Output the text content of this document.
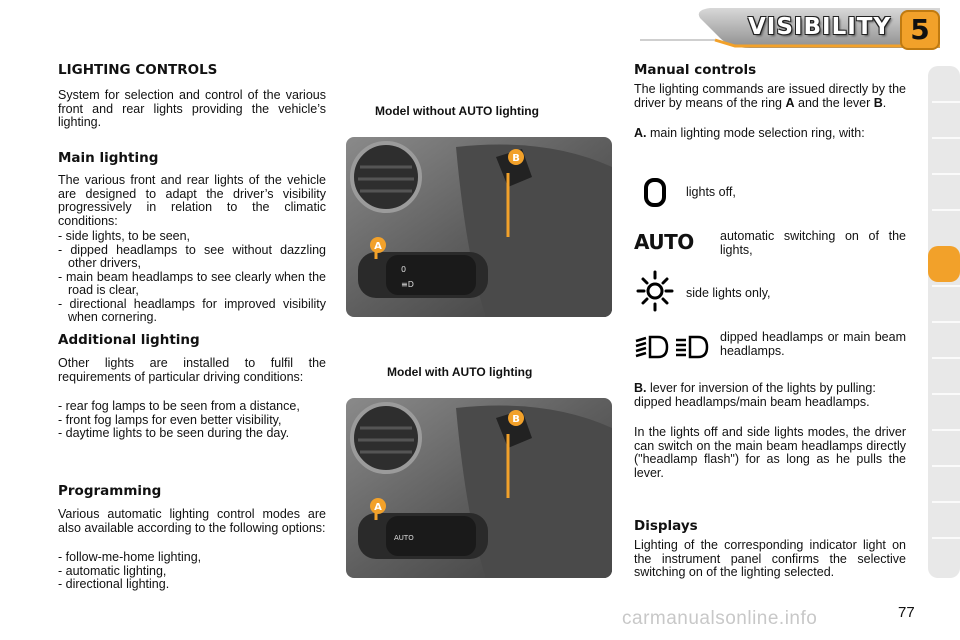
VISIBILITY 5
LIGHTING CONTROLS

System for selection and control of the various front and rear lights providing the vehicle’s lighting.

Main lighting

The various front and rear lights of the vehicle are designed to adapt the driver’s visibility progressively in relation to the climatic conditions:

- side lights, to be seen,
- dipped headlamps to see without dazzling other drivers,
- main beam headlamps to see clearly when the road is clear,
- directional headlamps for improved visibility when cornering.
Additional lighting

Other lights are installed to fulfil the requirements of particular driving conditions:

- rear fog lamps to be seen from a distance,
- front fog lamps for even better visibility,
- daytime lights to be seen during the day.
Programming

Various automatic lighting control modes are also available according to the following options:

- follow-me-home lighting,
- automatic lighting,
- directional lighting.
Model without AUTO lighting
0
≡D
B
A
Model with AUTO lighting
AUTO
B
A
Manual controls

The lighting commands are issued directly by the driver by means of the ring A and the lever B.

A. main lighting mode selection ring, with:

lights off,
AUTO automatic switching on of the lights,
side lights only,
dipped headlamps or main beam headlamps.

B. lever for inversion of the lights by pulling: dipped headlamps/main beam headlamps.

In the lights off and side lights modes, the driver can switch on the main beam headlamps directly ("headlamp flash") for as long as he pulls the lever.

Displays

Lighting of the corresponding indicator light on the instrument panel confirms the selective switching on of the lighting selected.

carmanualsonline.info	77
